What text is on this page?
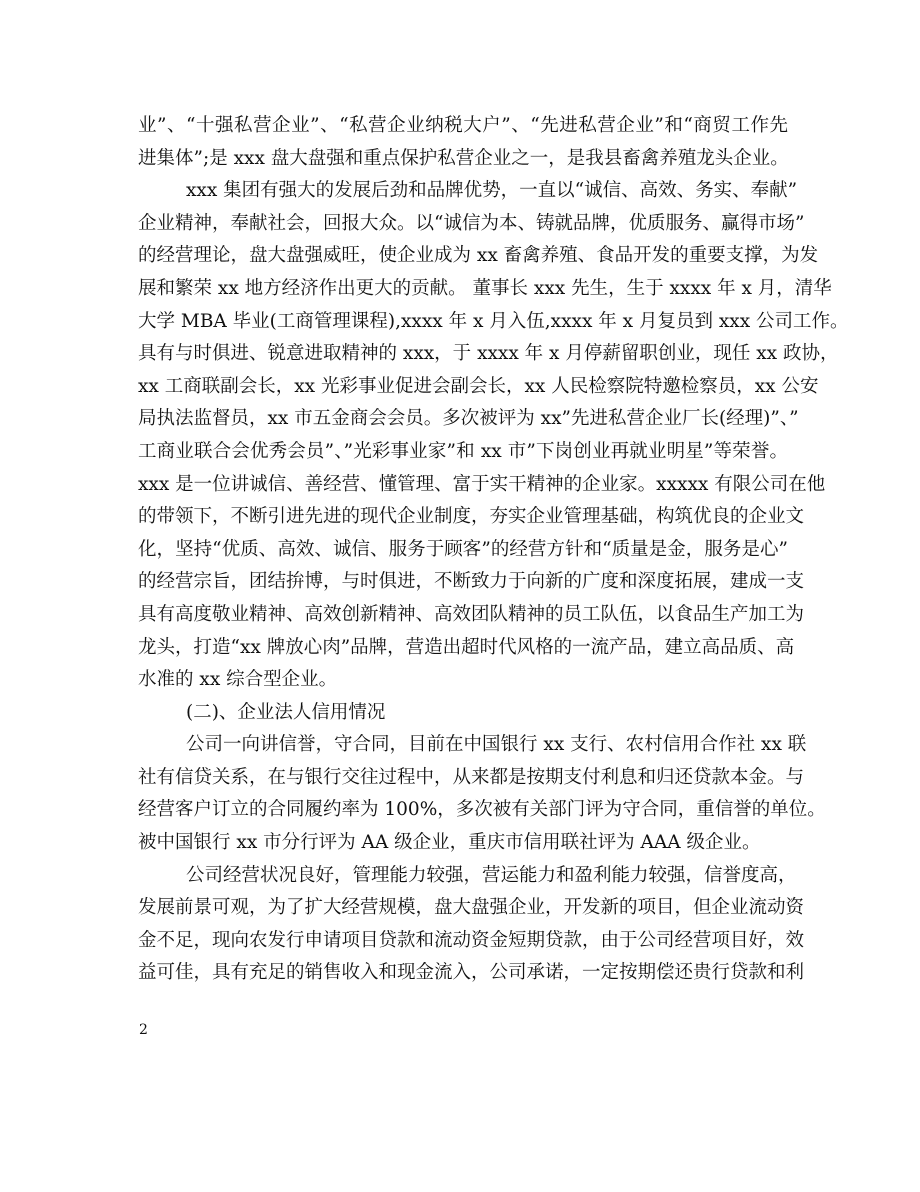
业”、“十强私营企业”、“私营企业纳税大户”、“先进私营企业”和“商贸工作先
进集体”;是 xxx 盘大盘强和重点保护私营企业之一，是我县畜禽养殖龙头企业。
xxx 集团有强大的发展后劲和品牌优势，一直以“诚信、高效、务实、奉献”
企业精神，奉献社会，回报大众。以“诚信为本、铸就品牌，优质服务、赢得市场”
的经营理论，盘大盘强威旺，使企业成为 xx 畜禽养殖、食品开发的重要支撑，为发
展和繁荣 xx 地方经济作出更大的贡献。 董事长 xxx 先生，生于 xxxx 年 x 月，清华
大学 MBA 毕业(工商管理课程),xxxx 年 x 月入伍,xxxx 年 x 月复员到 xxx 公司工作。
具有与时俱进、锐意进取精神的 xxx，于 xxxx 年 x 月停薪留职创业，现任 xx 政协，
xx 工商联副会长，xx 光彩事业促进会副会长，xx 人民检察院特邀检察员，xx 公安
局执法监督员，xx 市五金商会会员。多次被评为 xx”先进私营企业厂长(经理)”、”
工商业联合会优秀会员”、”光彩事业家”和 xx 市”下岗创业再就业明星”等荣誉。
xxx 是一位讲诚信、善经营、懂管理、富于实干精神的企业家。xxxxx 有限公司在他
的带领下，不断引进先进的现代企业制度，夯实企业管理基础，构筑优良的企业文
化，坚持“优质、高效、诚信、服务于顾客”的经营方针和“质量是金，服务是心”
的经营宗旨，团结拚博，与时俱进，不断致力于向新的广度和深度拓展，建成一支
具有高度敬业精神、高效创新精神、高效团队精神的员工队伍，以食品生产加工为
龙头，打造“xx 牌放心肉”品牌，营造出超时代风格的一流产品，建立高品质、高
水准的 xx 综合型企业。
(二)、企业法人信用情况
公司一向讲信誉，守合同，目前在中国银行 xx 支行、农村信用合作社 xx 联
社有信贷关系，在与银行交往过程中，从来都是按期支付利息和归还贷款本金。与
经营客户订立的合同履约率为 100%，多次被有关部门评为守合同，重信誉的单位。
被中国银行 xx 市分行评为 AA 级企业，重庆市信用联社评为 AAA 级企业。
公司经营状况良好，管理能力较强，营运能力和盈利能力较强，信誉度高，
发展前景可观，为了扩大经营规模，盘大盘强企业，开发新的项目，但企业流动资
金不足，现向农发行申请项目贷款和流动资金短期贷款，由于公司经营项目好，效
益可佳，具有充足的销售收入和现金流入，公司承诺，一定按期偿还贵行贷款和利
2
